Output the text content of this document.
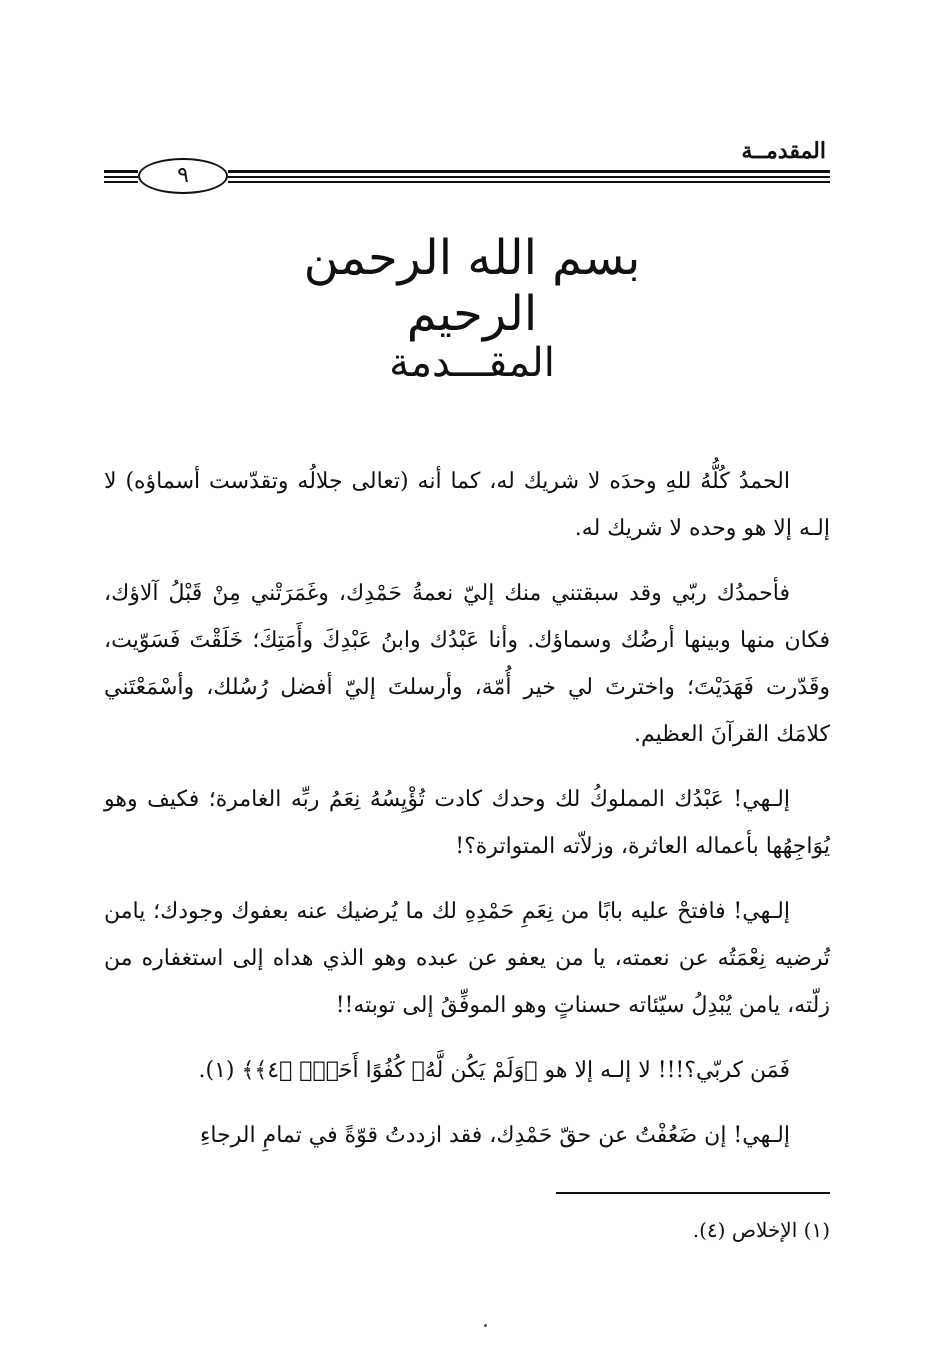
المقدمــة
٩
بسم الله الرحمن الرحيم
المقـــدمة

الحمدُ كُلُّهُ للهِ وحدَه لا شريك له، كما أنه (تعالى جلالُه وتقدّست أسماؤه) لا إلـه إلا هو وحده لا شريك له.

فأحمدُك ربّي وقد سبقتني منك إليّ نعمةُ حَمْدِك، وغَمَرَتْني مِنْ قَبْلُ آلاؤك، فكان منها وبينها أرضُك وسماؤك. وأنا عَبْدُك وابنُ عَبْدِكَ وأَمَتِكَ؛ خَلَقْتَ فَسَوّيت، وقَدّرت فَهَدَيْتَ؛ واخترتَ لي خير أُمّة، وأرسلتَ إليّ أفضل رُسُلك، وأسْمَعْتَني كلامَك القرآنَ العظيم.

إلـهي! عَبْدُك المملوكُ لك وحدك كادت تُؤْيِسُهُ نِعَمُ ربِّه الغامرة؛ فكيف وهو يُوَاجِهُها بأعماله العاثرة، وزلاّته المتواترة؟!

إلـهي! فافتحْ عليه بابًا من نِعَمِ حَمْدِهِ لك ما يُرضيك عنه بعفوك وجودك؛ يامن تُرضيه نِعْمَتُه عن نعمته، يا من يعفو عن عبده وهو الذي هداه إلى استغفاره من زلّته، يامن يُبْدِلُ سيّئاته حسناتٍ وهو الموفِّقُ إلى توبته!!

فَمَن كربّي؟!!! لا إلـه إلا هو ﴿وَلَمْ يَكُن لَّهُۥ كُفُوًا أَحَدٌۢ ﴿٤﴾﴾ (١).

إلـهي! إن ضَعُفْتُ عن حقّ حَمْدِك، فقد ازددتُ قوّةً في تمامِ الرجاءِ

(١) الإخلاص (٤).
